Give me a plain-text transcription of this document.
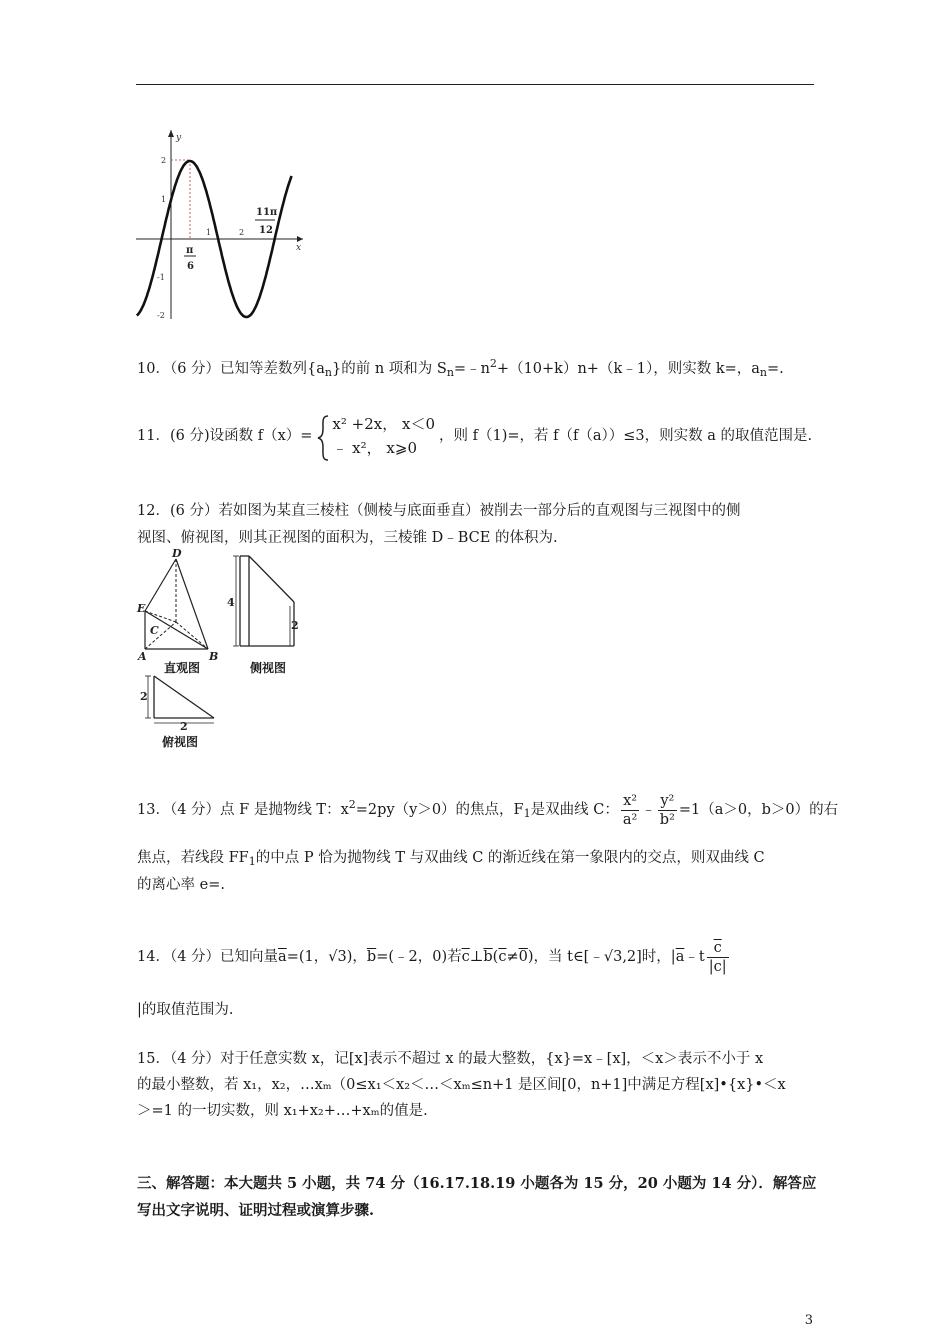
y
x
2
1
-1
-2
1	2
π
6
11π
12
10．（6 分）已知等差数列$\{a_n\}$的前 n 项和为 $S_n=﹣n^2+(10+k)n+(k﹣1)$，则实数 k=，$a_n=$.
11．(6 分)设函数 f（x）=
x² +2x， x＜0
﹣ x²， x⩾0
，则 f（1)=，若 f（f（a））≤3，则实数 a 的取值范围是.
12．(6 分）若如图为某直三棱柱（侧棱与底面垂直）被削去一部分后的直观图与三视图中的侧
视图、俯视图，则其正视图的面积为，三棱锥 D﹣BCE 的体积为.
D
E
C
A	B
直观图
4
2
侧视图
2
2
俯视图
13．（4 分）点 F 是抛物线 T：$x^2=2py(y>0)$的焦点，$F_1$是双曲线 C： $\frac{\text{x²}}{\text{a²}}$ ﹣ $\frac{\text{y²}}{\text{b²}} =1(a>0$，b＞0）的右
焦点，若线段 $FF_1$的中点 P 恰为抛物线 T 与双曲线 C 的渐近线在第一象限内的交点，则双曲线 C
的离心率 e=.
14．（4 分）已知向量$\overline{a}=(1$，√3)，$\overline{b}=(﹣2$，0)若$\overline{c}\perp\overline{b}(\overline{c}\ne 0)$，当 t∈[﹣√3,2]时，$|\overline{a}﹣t \frac{\overline{c}}{|c|}$
|的取值范围为.
15．（4 分）对于任意实数 x，记[x]表示不超过 x 的最大整数，{x}=x﹣[x]，＜x＞表示不小于 x
的最小整数，若 x₁，x₂，…xₘ（0≤x₁＜x₂＜…＜xₘ≤n+1 是区间[0，n+1]中满足方程[x]•{x}•＜x
＞=1 的一切实数，则 x₁+x₂+…+xₘ的值是.
三、解答题：本大题共 5 小题，共 74 分（16.17.18.19 小题各为 15 分，20 小题为 14 分）．解答应
写出文字说明、证明过程或演算步骤.
3
